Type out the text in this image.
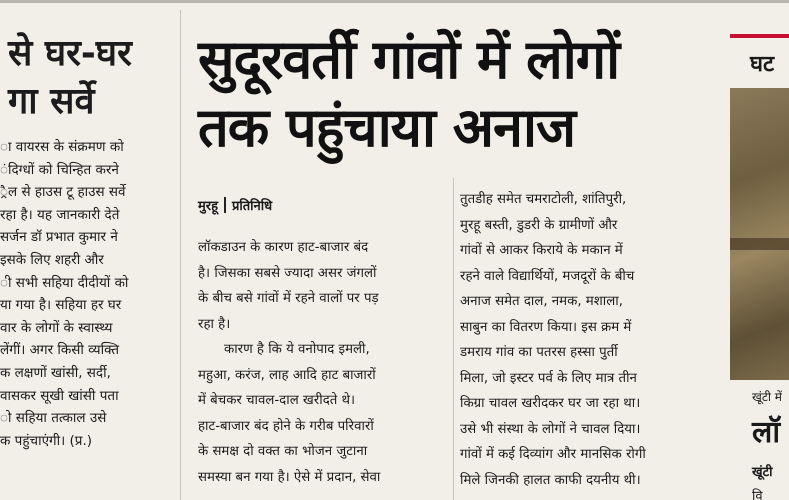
से घर-घर
गा सर्वे
ा वायरस के संक्रमण को
ंदिग्धों को चिन्हित करने
्रैल से हाउस टू हाउस सर्वे
रहा है। यह जानकारी देते
सर्जन डॉ प्रभात कुमार ने
इसके लिए शहरी और
ी सभी सहिया दीदीयों को
या गया है। सहिया हर घर
वार के लोगों के स्वास्थ्य
लेंगीं। अगर किसी व्यक्ति
क लक्षणों खांसी, सर्दी,
वासकर सूखी खांसी पता
ो सहिया तत्काल उसे
क पहुंचाएंगी। (प्र.)
सुदूरवर्ती गांवों में लोगों
तक पहुंचाया अनाज
मुरहू प्रतिनिधि
लॉकडाउन के कारण हाट-बाजार बंद
है। जिसका सबसे ज्यादा असर जंगलों
के बीच बसे गांवों में रहने वालों पर पड़
रहा है।
कारण है कि ये वनोपाद इमली,
महुआ, करंज, लाह आदि हाट बाजारों
में बेचकर चावल-दाल खरीदते थे।
हाट-बाजार बंद होने के गरीब परिवारों
के समक्ष दो वक्त का भोजन जुटाना
समस्या बन गया है। ऐसे में प्रदान, सेवा
तुतडीह समेत चमराटोली, शांतिपुरी,
मुरहू बस्ती, डुडरी के ग्रामीणों और
गांवों से आकर किराये के मकान में
रहने वाले विद्यार्थियों, मजदूरों के बीच
अनाज समेत दाल, नमक, मशाला,
साबुन का वितरण किया। इस क्रम में
डमराय गांव का पतरस हस्सा पुर्ती
मिला, जो इस्टर पर्व के लिए मात्र तीन
किग्रा चावल खरीदकर घर जा रहा था।
उसे भी संस्था के लोगों ने चावल दिया।
गांवों में कई दिव्यांग और मानसिक रोगी
मिले जिनकी हालत काफी दयनीय थी।
घट
खूंटी में
लॉ
खूंटी
वि
